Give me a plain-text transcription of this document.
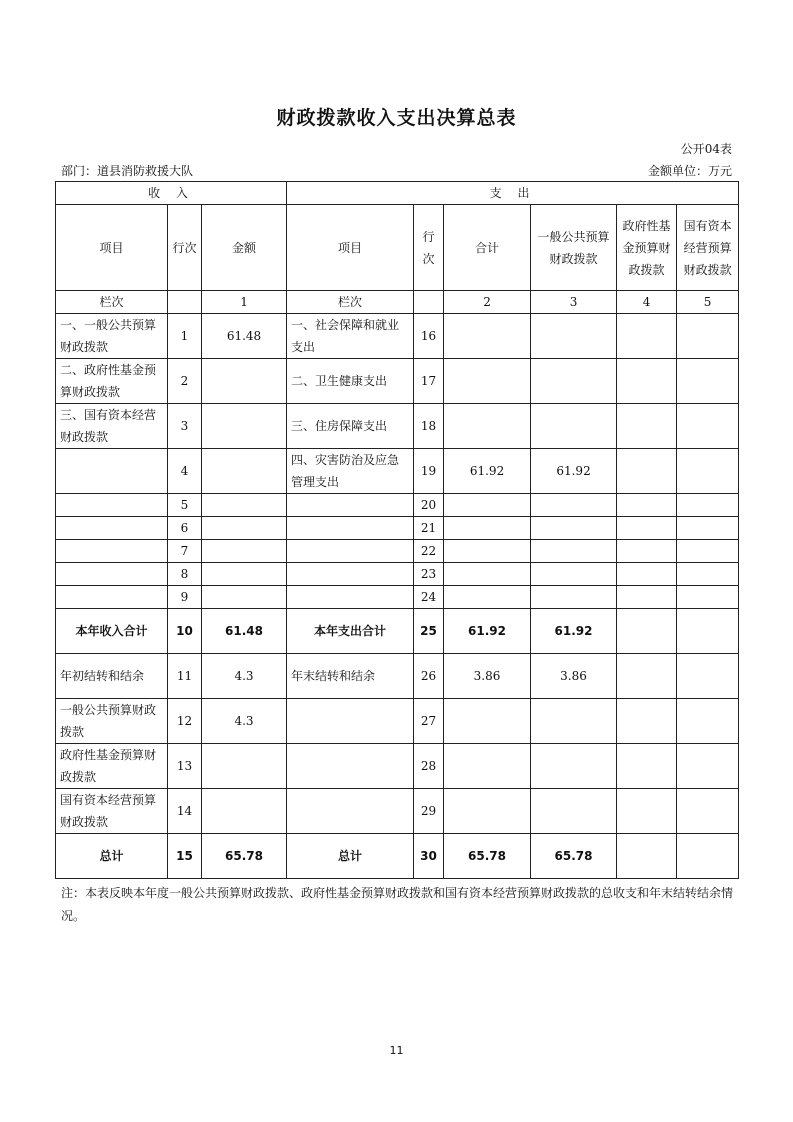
财政拨款收入支出决算总表
公开04表
部门：道县消防救援大队	金额单位：万元
收 入			支 出					
项目	行次	金额	项目	行次	合计	一般公共预算财政拨款	政府性基金预算财政拨款	国有资本经营预算财政拨款
栏次		1	栏次		2	3	4	5
一、一般公共预算财政拨款	1	61.48	一、社会保障和就业支出	16				
二、政府性基金预算财政拨款	2		二、卫生健康支出	17				
三、国有资本经营财政拨款	3		三、住房保障支出	18				
	4		四、灾害防治及应急管理支出	19	61.92	61.92		
	5			20				
	6			21				
	7			22				
	8			23				
	9			24				
本年收入合计	10	61.48	本年支出合计	25	61.92	61.92		
年初结转和结余	11	4.3	年末结转和结余	26	3.86	3.86		
一般公共预算财政拨款	12	4.3		27				
政府性基金预算财政拨款	13			28				
国有资本经营预算财政拨款	14			29				
总计	15	65.78	总计	30	65.78	65.78		
注：本表反映本年度一般公共预算财政拨款、政府性基金预算财政拨款和国有资本经营预算财政拨款的总收支和年末结转结余情况。
11
